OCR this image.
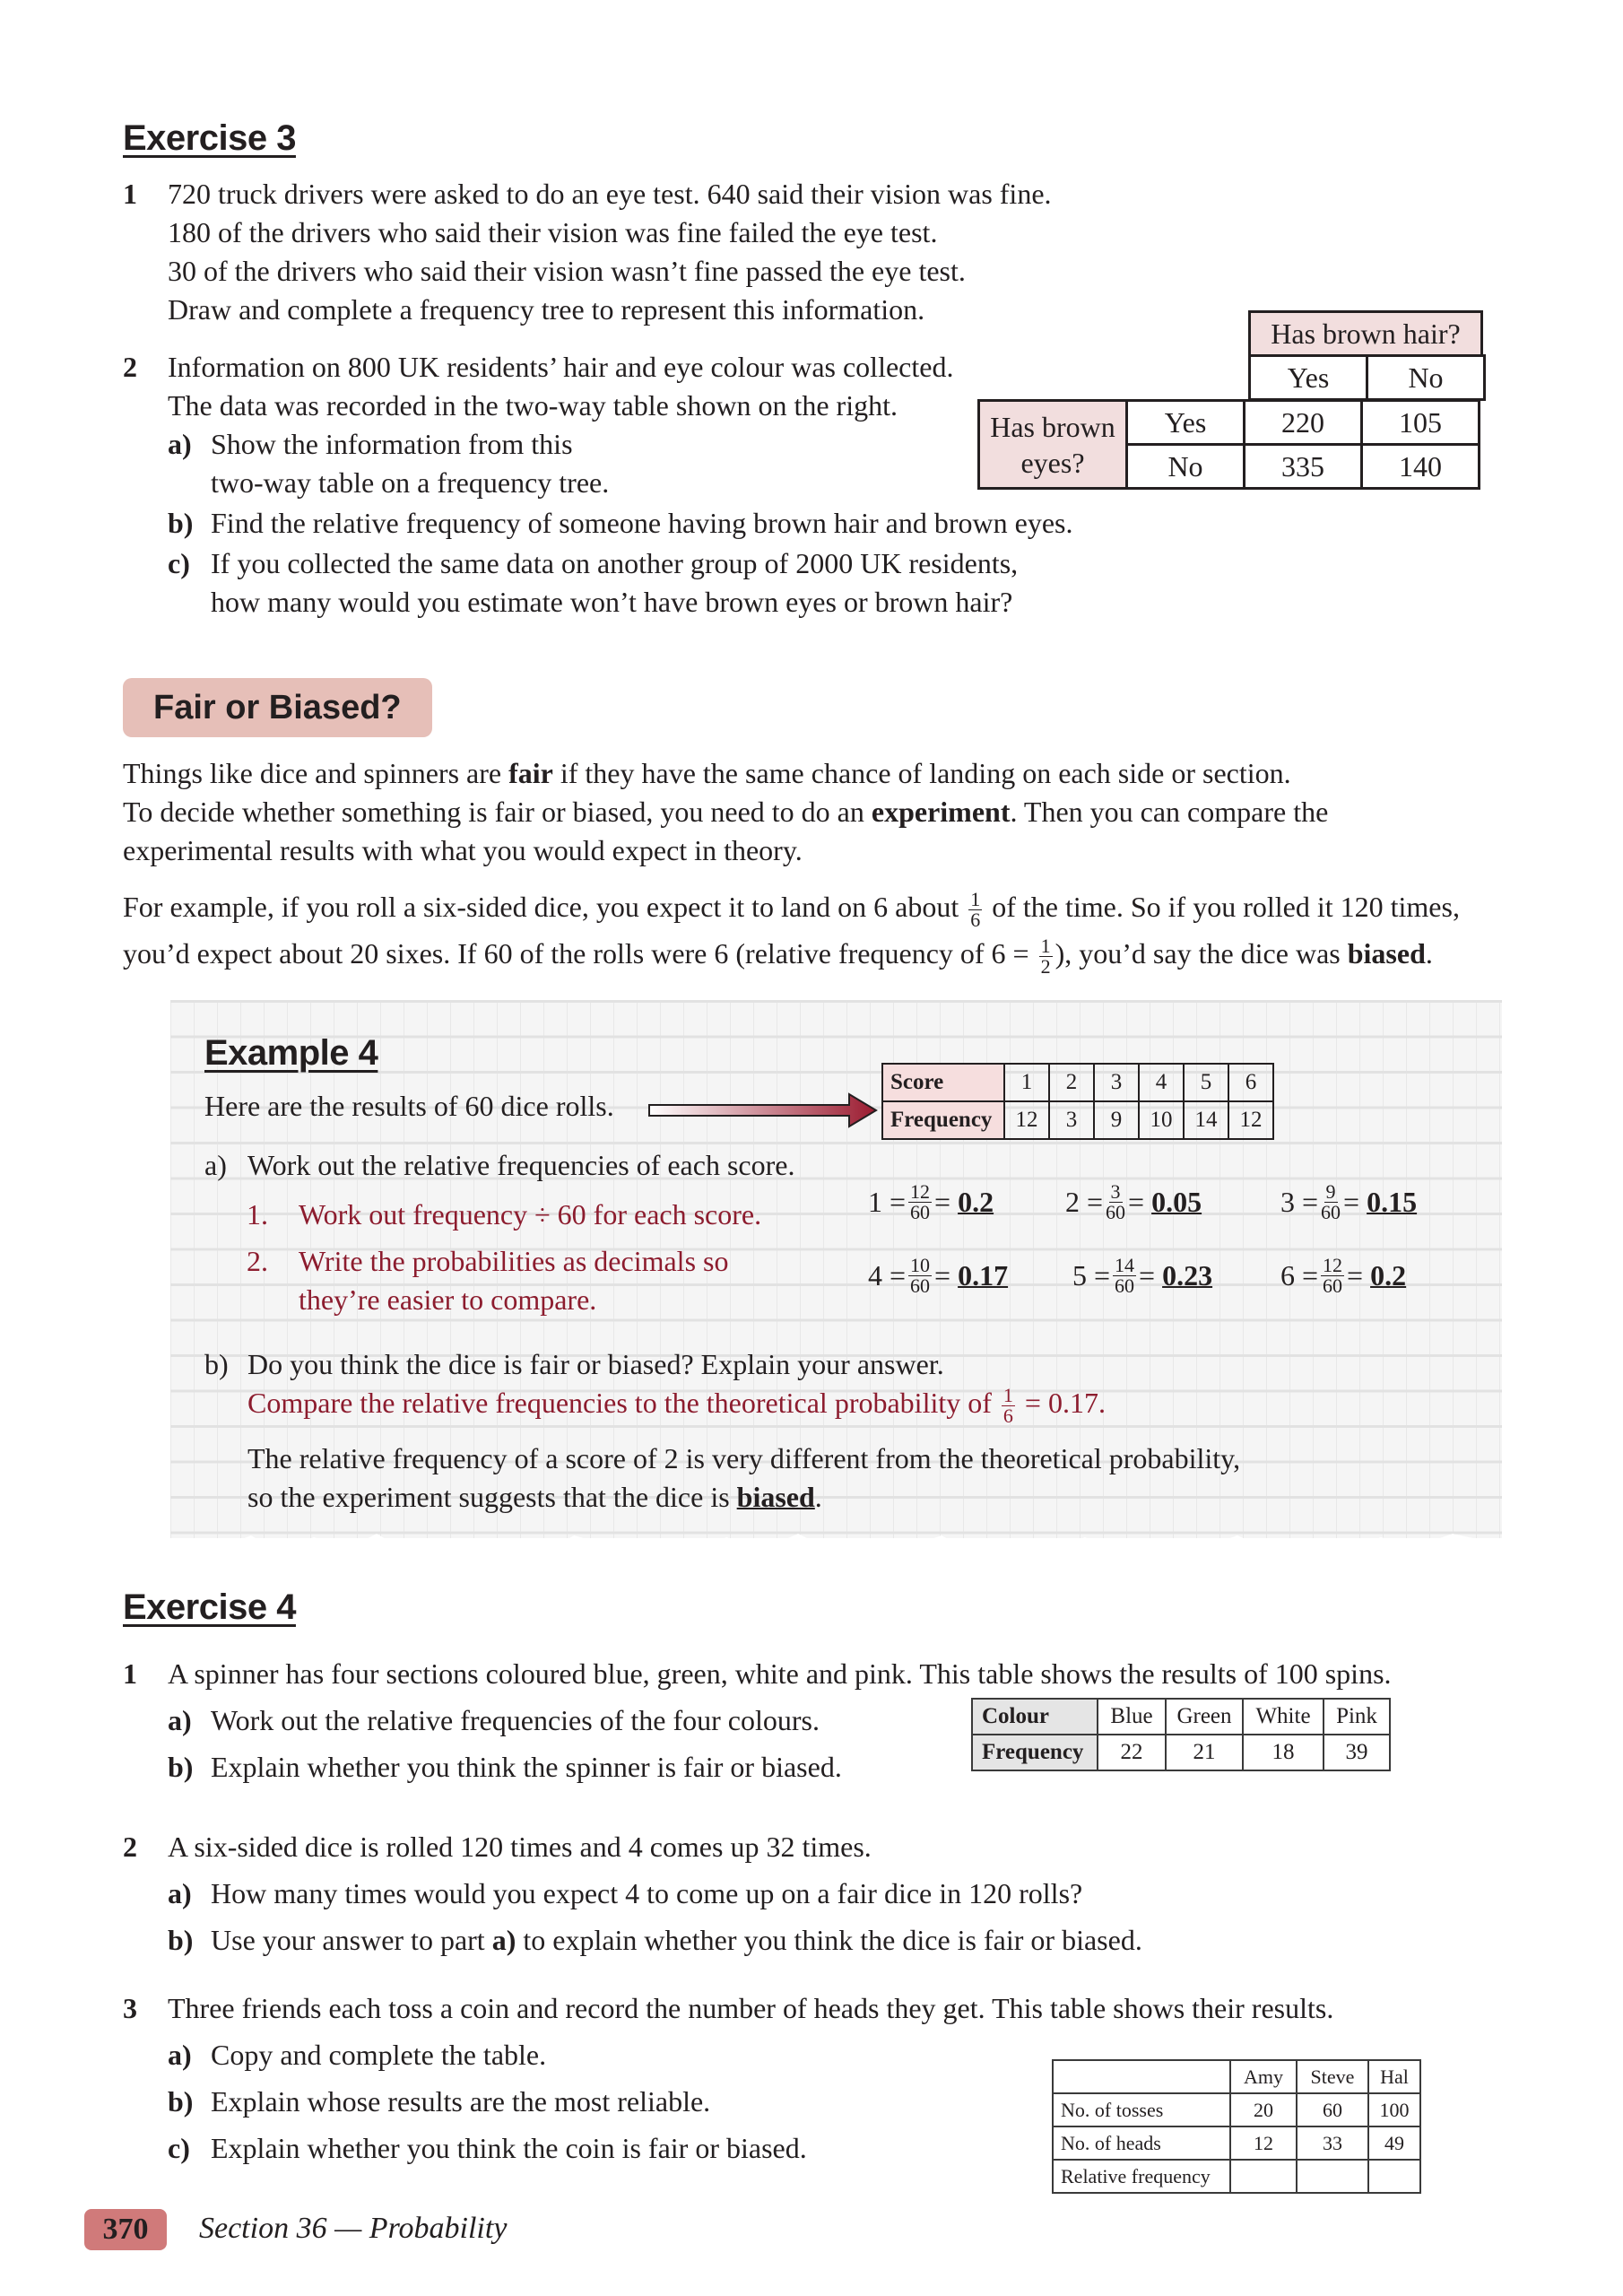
Exercise 3
1 720 truck drivers were asked to do an eye test. 640 said their vision was fine.
180 of the drivers who said their vision was fine failed the eye test.
30 of the drivers who said their vision wasn’t fine passed the eye test.
Draw and complete a frequency tree to represent this information.
2 Information on 800 UK residents’ hair and eye colour was collected.
The data was recorded in the two-way table shown on the right.
a) Show the information from this
two-way table on a frequency tree.
b) Find the relative frequency of someone having brown hair and brown eyes.
c) If you collected the same data on another group of 2000 UK residents,
how many would you estimate won’t have brown eyes or brown hair?
Has brown hair?
Yes	No
Has brown
eyes?	Yes	220	105
	No	335	140
Fair or Biased?
Things like dice and spinners are fair if they have the same chance of landing on each side or section.
To decide whether something is fair or biased, you need to do an experiment. Then you can compare the
experimental results with what you would expect in theory.
For example, if you roll a six-sided dice, you expect it to land on 6 about $\frac{1}{6}$ of the time. So if you rolled it 120 times,
you’d expect about 20 sixes. If 60 of the rolls were 6 (relative frequency of $6 = \frac{1}{2}$ ), you’d say the dice was biased.
Example 4
Here are the results of 60 dice rolls.
Score	1	2	3	4	5	6
Frequency	12	3	9	10	14	12
a) Work out the relative frequencies of each score.
1. Work out frequency ÷ 60 for each score.
2. Write the probabilities as decimals so
they’re easier to compare.
$1 = \frac{12}{60} = 0.2$ $2 = \frac{3}{60} = 0.05$	$3 = \frac{9}{60} = 0.15$
$4 = \frac{10}{60} = 0.17$ $5 = \frac{14}{60} = 0.23$ $6 = \frac{12}{60} = 0.2$
b) Do you think the dice is fair or biased? Explain your answer.
Compare the relative frequencies to the theoretical probability of $\frac{1}{6} = 0.17$.
The relative frequency of a score of 2 is very different from the theoretical probability,
so the experiment suggests that the dice is biased.
Exercise 4
1 A spinner has four sections coloured blue, green, white and pink. This table shows the results of 100 spins.
a) Work out the relative frequencies of the four colours.
b) Explain whether you think the spinner is fair or biased.
Colour	Blue	Green	White	Pink
Frequency	22	21	18	39
2 A six-sided dice is rolled 120 times and 4 comes up 32 times.
a) How many times would you expect 4 to come up on a fair dice in 120 rolls?
b) Use your answer to part a) to explain whether you think the dice is fair or biased.
3 Three friends each toss a coin and record the number of heads they get. This table shows their results.
a) Copy and complete the table.
b) Explain whose results are the most reliable.
c) Explain whether you think the coin is fair or biased.
	Amy	Steve	Hal
No. of tosses	20	60	100
No. of heads	12	33	49
Relative frequency			
370	Section 36 — Probability
